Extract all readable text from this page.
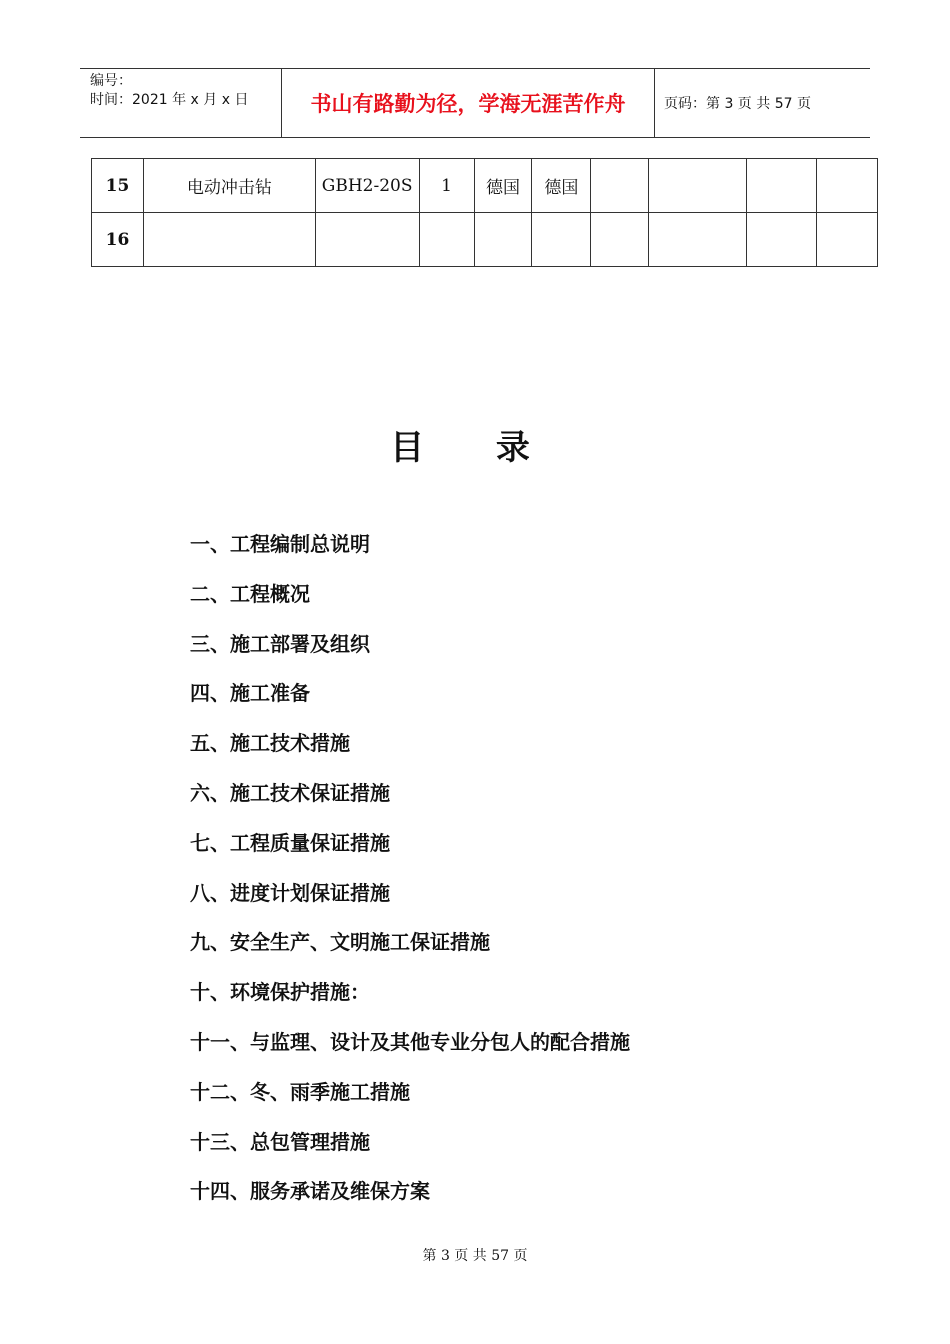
编号：
时间：2021 年 x 月 x 日	书山有路勤为径，学海无涯苦作舟	页码：第 3 页 共 57 页
15	电动冲击钻	GBH2-20S	1	德国	德国				
16									
目 录
一、工程编制总说明
二、工程概况
三、施工部署及组织
四、施工准备
五、施工技术措施
六、施工技术保证措施
七、工程质量保证措施
八、进度计划保证措施
九、安全生产、文明施工保证措施
十、环境保护措施：
十一、与监理、设计及其他专业分包人的配合措施
十二、冬、雨季施工措施
十三、总包管理措施
十四、服务承诺及维保方案
第 3 页 共 57 页
